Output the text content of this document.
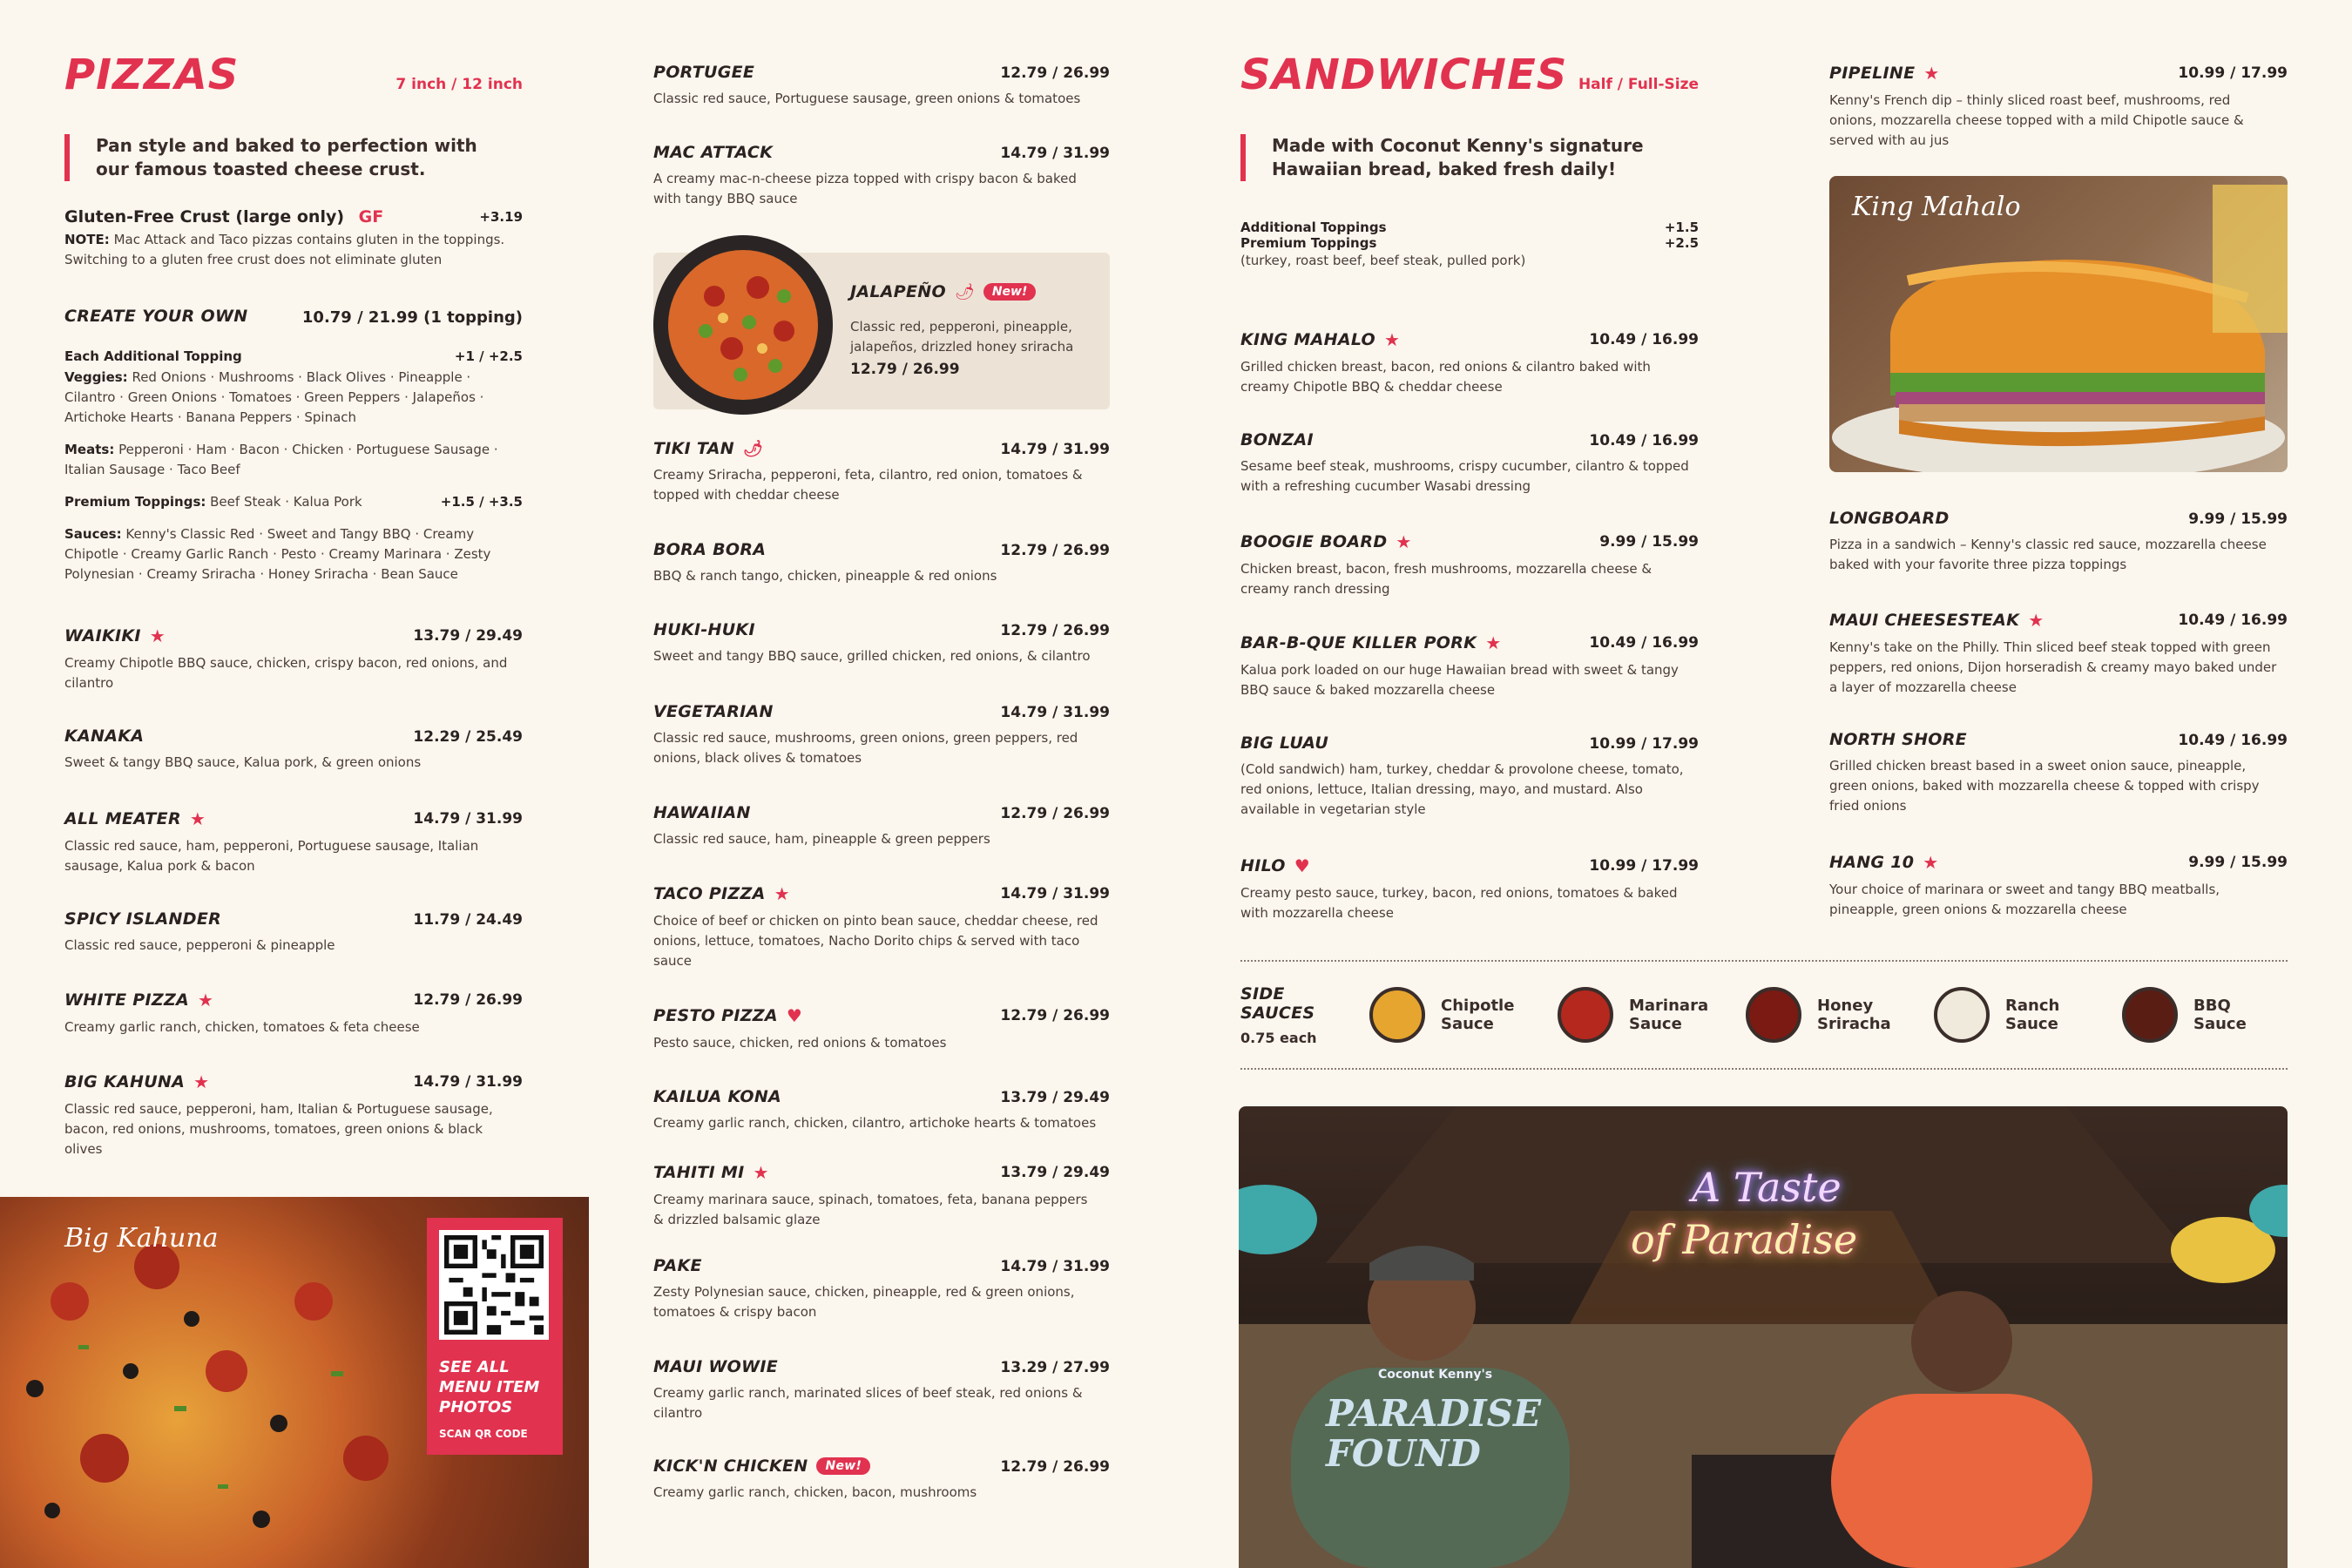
PIZZAS	7 inch / 12 inch
Pan style and baked to perfection with our famous toasted cheese crust.
Gluten-Free Crust (large only) GF	+3.19
NOTE: Mac Attack and Taco pizzas contains gluten in the toppings. Switching to a gluten free crust does not eliminate gluten
CREATE YOUR OWN	10.79 / 21.99 (1 topping)
Each Additional Topping	+1 / +2.5
Veggies: Red Onions · Mushrooms · Black Olives · Pineapple · Cilantro · Green Onions · Tomatoes · Green Peppers · Jalapeños · Artichoke Hearts · Banana Peppers · Spinach
Meats: Pepperoni · Ham · Bacon · Chicken · Portuguese Sausage · Italian Sausage · Taco Beef
Premium Toppings: Beef Steak · Kalua Pork	+1.5 / +3.5
Sauces: Kenny's Classic Red · Sweet and Tangy BBQ · Creamy Chipotle · Creamy Garlic Ranch · Pesto · Creamy Marinara · Zesty Polynesian · Creamy Sriracha · Honey Sriracha · Bean Sauce
WAIKIKI ★	13.79 / 29.49
Creamy Chipotle BBQ sauce, chicken, crispy bacon, red onions, and cilantro
KANAKA	12.29 / 25.49
Sweet & tangy BBQ sauce, Kalua pork, & green onions
ALL MEATER ★	14.79 / 31.99
Classic red sauce, ham, pepperoni, Portuguese sausage, Italian sausage, Kalua pork & bacon
SPICY ISLANDER	11.79 / 24.49
Classic red sauce, pepperoni & pineapple
WHITE PIZZA ★	12.79 / 26.99
Creamy garlic ranch, chicken, tomatoes & feta cheese
BIG KAHUNA ★	14.79 / 31.99
Classic red sauce, pepperoni, ham, Italian & Portuguese sausage, bacon, red onions, mushrooms, tomatoes, green onions & black olives
Big Kahuna
SEE ALL MENU ITEM PHOTOS
SCAN QR CODE
PORTUGEE	12.79 / 26.99
Classic red sauce, Portuguese sausage, green onions & tomatoes
MAC ATTACK	14.79 / 31.99
A creamy mac-n-cheese pizza topped with crispy bacon & baked with tangy BBQ sauce
JALAPEÑO 🌶	New!
Classic red, pepperoni, pineapple, jalapeños, drizzled honey sriracha
12.79 / 26.99
TIKI TAN 🌶	14.79 / 31.99
Creamy Sriracha, pepperoni, feta, cilantro, red onion, tomatoes & topped with cheddar cheese
BORA BORA	12.79 / 26.99
BBQ & ranch tango, chicken, pineapple & red onions
HUKI-HUKI	12.79 / 26.99
Sweet and tangy BBQ sauce, grilled chicken, red onions, & cilantro
VEGETARIAN	14.79 / 31.99
Classic red sauce, mushrooms, green onions, green peppers, red onions, black olives & tomatoes
HAWAIIAN	12.79 / 26.99
Classic red sauce, ham, pineapple & green peppers
TACO PIZZA ★	14.79 / 31.99
Choice of beef or chicken on pinto bean sauce, cheddar cheese, red onions, lettuce, tomatoes, Nacho Dorito chips & served with taco sauce
PESTO PIZZA ♥	12.79 / 26.99
Pesto sauce, chicken, red onions & tomatoes
KAILUA KONA	13.79 / 29.49
Creamy garlic ranch, chicken, cilantro, artichoke hearts & tomatoes
TAHITI MI ★	13.79 / 29.49
Creamy marinara sauce, spinach, tomatoes, feta, banana peppers & drizzled balsamic glaze
PAKE	14.79 / 31.99
Zesty Polynesian sauce, chicken, pineapple, red & green onions, tomatoes & crispy bacon
MAUI WOWIE	13.29 / 27.99
Creamy garlic ranch, marinated slices of beef steak, red onions & cilantro
KICK'N CHICKEN	New!	12.79 / 26.99
Creamy garlic ranch, chicken, bacon, mushrooms
SANDWICHES Half / Full-Size
Made with Coconut Kenny's signature Hawaiian bread, baked fresh daily!
Additional Toppings	+1.5
Premium Toppings	+2.5
(turkey, roast beef, beef steak, pulled pork)
KING MAHALO ★	10.49 / 16.99
Grilled chicken breast, bacon, red onions & cilantro baked with creamy Chipotle BBQ & cheddar cheese
BONZAI	10.49 / 16.99
Sesame beef steak, mushrooms, crispy cucumber, cilantro & topped with a refreshing cucumber Wasabi dressing
BOOGIE BOARD ★	9.99 / 15.99
Chicken breast, bacon, fresh mushrooms, mozzarella cheese & creamy ranch dressing
BAR-B-QUE KILLER PORK ★	10.49 / 16.99
Kalua pork loaded on our huge Hawaiian bread with sweet & tangy BBQ sauce & baked mozzarella cheese
BIG LUAU	10.99 / 17.99
(Cold sandwich) ham, turkey, cheddar & provolone cheese, tomato, red onions, lettuce, Italian dressing, mayo, and mustard. Also available in vegetarian style
HILO ♥	10.99 / 17.99
Creamy pesto sauce, turkey, bacon, red onions, tomatoes & baked with mozzarella cheese
SIDE SAUCES
0.75 each
Chipotle Sauce
Marinara Sauce
Honey Sriracha
Ranch Sauce
BBQ Sauce
A Taste
of Paradise
Coconut Kenny's
PARADISE FOUND
PIPELINE ★	10.99 / 17.99
Kenny's French dip – thinly sliced roast beef, mushrooms, red onions, mozzarella cheese topped with a mild Chipotle sauce & served with au jus
King Mahalo
LONGBOARD	9.99 / 15.99
Pizza in a sandwich – Kenny's classic red sauce, mozzarella cheese baked with your favorite three pizza toppings
MAUI CHEESESTEAK ★	10.49 / 16.99
Kenny's take on the Philly. Thin sliced beef steak topped with green peppers, red onions, Dijon horseradish & creamy mayo baked under a layer of mozzarella cheese
NORTH SHORE	10.49 / 16.99
Grilled chicken breast based in a sweet onion sauce, pineapple, green onions, baked with mozzarella cheese & topped with crispy fried onions
HANG 10 ★	9.99 / 15.99
Your choice of marinara or sweet and tangy BBQ meatballs, pineapple, green onions & mozzarella cheese
